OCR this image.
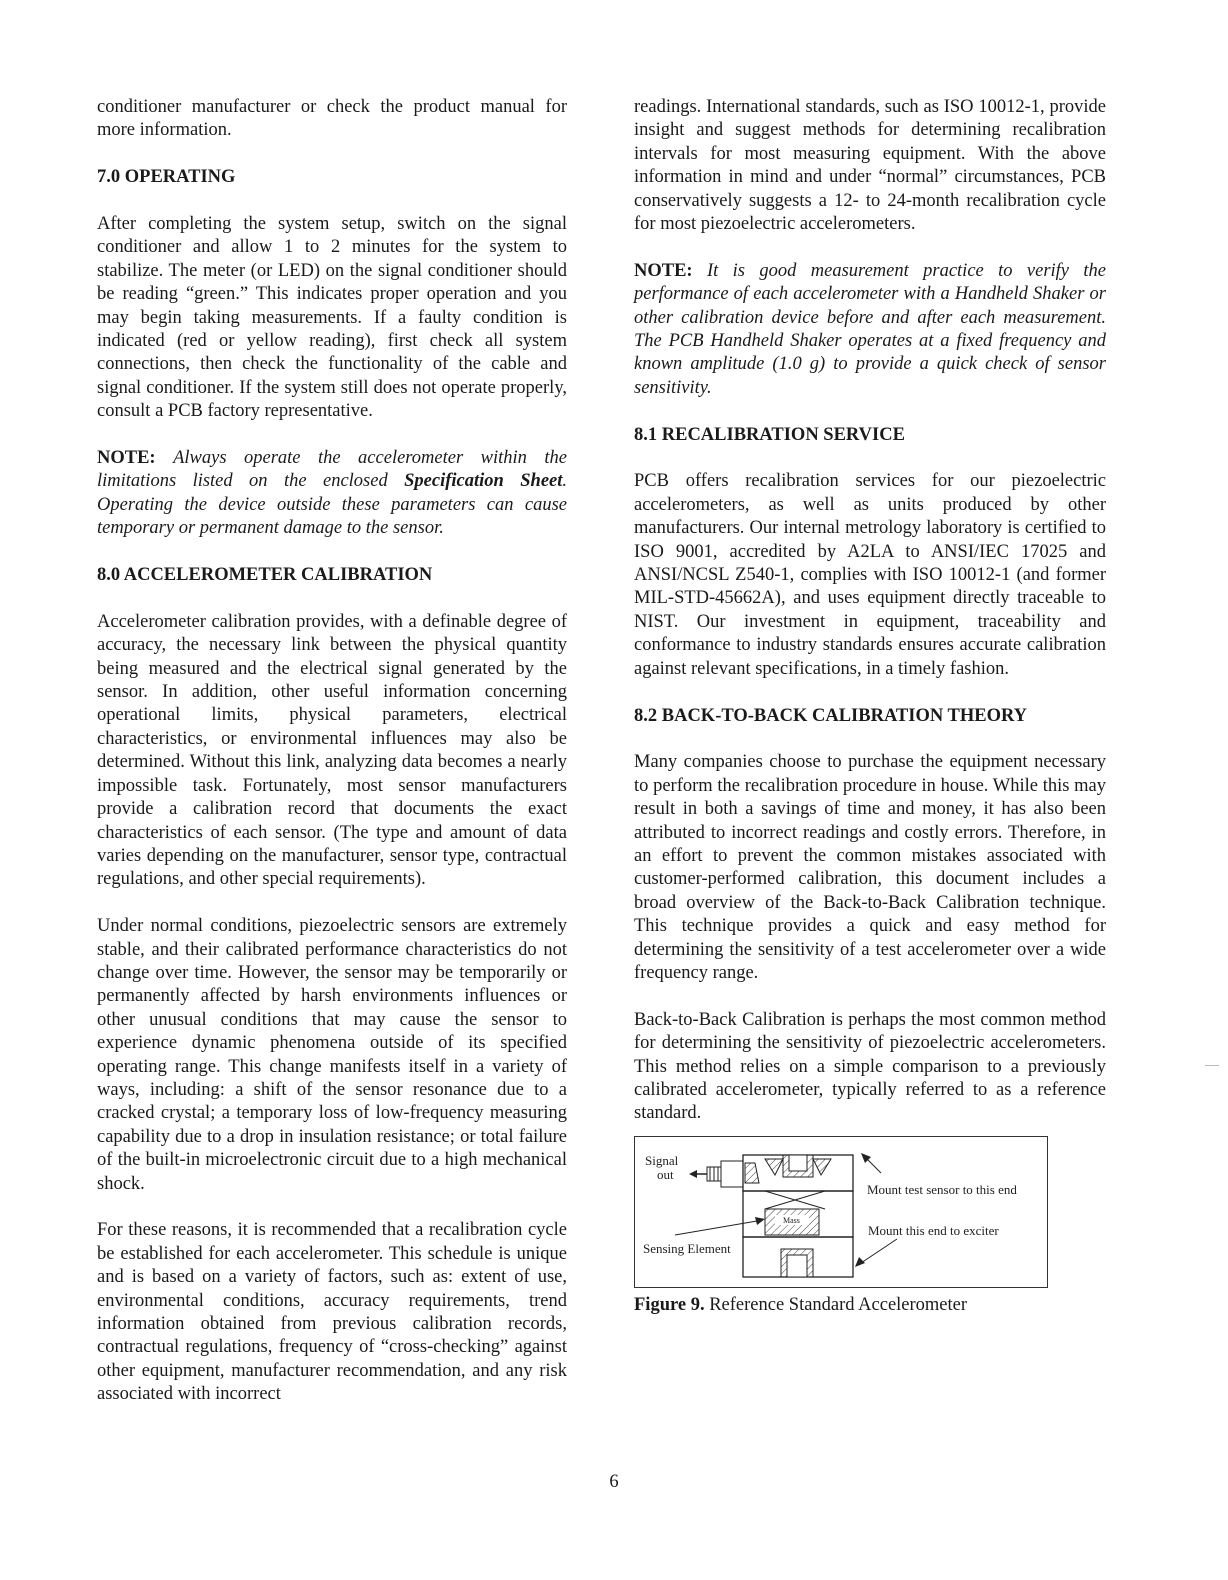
conditioner manufacturer or check the product manual for more information.

7.0 OPERATING

After completing the system setup, switch on the signal conditioner and allow 1 to 2 minutes for the system to stabilize. The meter (or LED) on the signal conditioner should be reading “green.” This indicates proper operation and you may begin taking measurements. If a faulty condition is indicated (red or yellow reading), first check all system connections, then check the functionality of the cable and signal conditioner. If the system still does not operate properly, consult a PCB factory representative.

NOTE: Always operate the accelerometer within the limitations listed on the enclosed Specification Sheet. Operating the device outside these parameters can cause temporary or permanent damage to the sensor.

8.0 ACCELEROMETER CALIBRATION

Accelerometer calibration provides, with a definable degree of accuracy, the necessary link between the physical quantity being measured and the electrical signal generated by the sensor. In addition, other useful information concerning operational limits, physical parameters, electrical characteristics, or environmental influences may also be determined. Without this link, analyzing data becomes a nearly impossible task. Fortunately, most sensor manufacturers provide a calibration record that documents the exact characteristics of each sensor. (The type and amount of data varies depending on the manufacturer, sensor type, contractual regulations, and other special requirements).

Under normal conditions, piezoelectric sensors are extremely stable, and their calibrated performance characteristics do not change over time. However, the sensor may be temporarily or permanently affected by harsh environments influences or other unusual conditions that may cause the sensor to experience dynamic phenomena outside of its specified operating range. This change manifests itself in a variety of ways, including: a shift of the sensor resonance due to a cracked crystal; a temporary loss of low-frequency measuring capability due to a drop in insulation resistance; or total failure of the built-in microelectronic circuit due to a high mechanical shock.

For these reasons, it is recommended that a recalibration cycle be established for each accelerometer. This schedule is unique and is based on a variety of factors, such as: extent of use, environmental conditions, accuracy requirements, trend information obtained from previous calibration records, contractual regulations, frequency of “cross-checking” against other equipment, manufacturer recommendation, and any risk associated with incorrect

readings. International standards, such as ISO 10012-1, provide insight and suggest methods for determining recalibration intervals for most measuring equipment. With the above information in mind and under “normal” circumstances, PCB conservatively suggests a 12- to 24-month recalibration cycle for most piezoelectric accelerometers.

NOTE: It is good measurement practice to verify the performance of each accelerometer with a Handheld Shaker or other calibration device before and after each measurement. The PCB Handheld Shaker operates at a fixed frequency and known amplitude (1.0 g) to provide a quick check of sensor sensitivity.

8.1 RECALIBRATION SERVICE

PCB offers recalibration services for our piezoelectric accelerometers, as well as units produced by other manufacturers. Our internal metrology laboratory is certified to ISO 9001, accredited by A2LA to ANSI/IEC 17025 and ANSI/NCSL Z540-1, complies with ISO 10012-1 (and former MIL-STD-45662A), and uses equipment directly traceable to NIST. Our investment in equipment, traceability and conformance to industry standards ensures accurate calibration against relevant specifications, in a timely fashion.

8.2 BACK-TO-BACK CALIBRATION THEORY

Many companies choose to purchase the equipment necessary to perform the recalibration procedure in house. While this may result in both a savings of time and money, it has also been attributed to incorrect readings and costly errors. Therefore, in an effort to prevent the common mistakes associated with customer-performed calibration, this document includes a broad overview of the Back-to-Back Calibration technique. This technique provides a quick and easy method for determining the sensitivity of a test accelerometer over a wide frequency range.

Back-to-Back Calibration is perhaps the most common method for determining the sensitivity of piezoelectric accelerometers. This method relies on a simple comparison to a previously calibrated accelerometer, typically referred to as a reference standard.

Signal
out
Mass
Sensing Element
Mount test sensor to this end
Mount this end to exciter
Figure 9. Reference Standard Accelerometer
6
